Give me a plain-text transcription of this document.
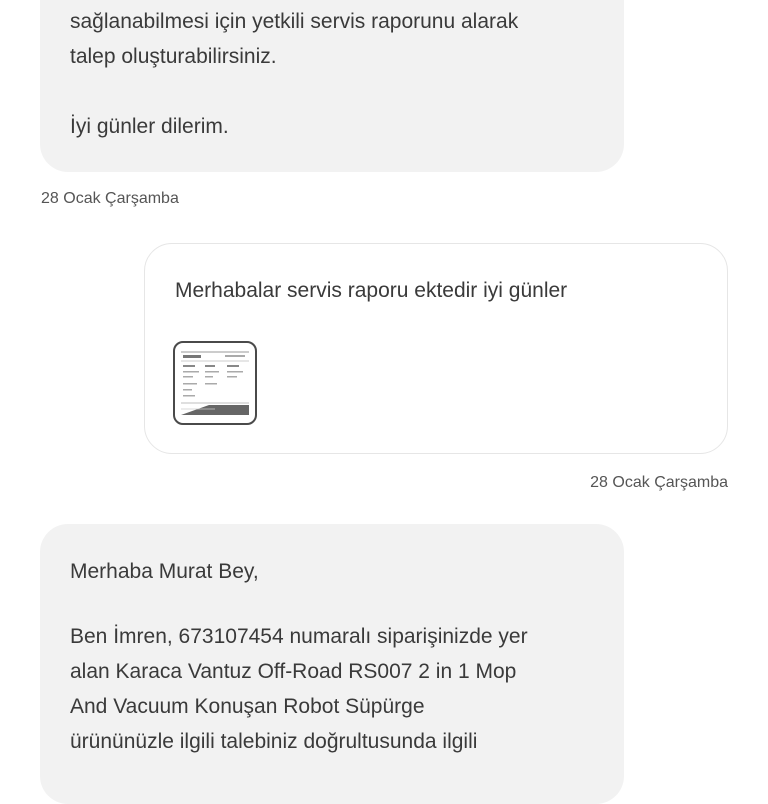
sağlanabilmesi için yetkili servis raporunu alarak
talep oluşturabilirsiniz.
İyi günler dilerim.
28 Ocak Çarşamba
Merhabalar servis raporu ektedir iyi günler
28 Ocak Çarşamba
Merhaba Murat Bey,
Ben İmren, 673107454 numaralı siparişinizde yer
alan Karaca Vantuz Off-Road RS007 2 in 1 Mop
And Vacuum Konuşan Robot Süpürge
ürününüzle ilgili talebiniz doğrultusunda ilgili
